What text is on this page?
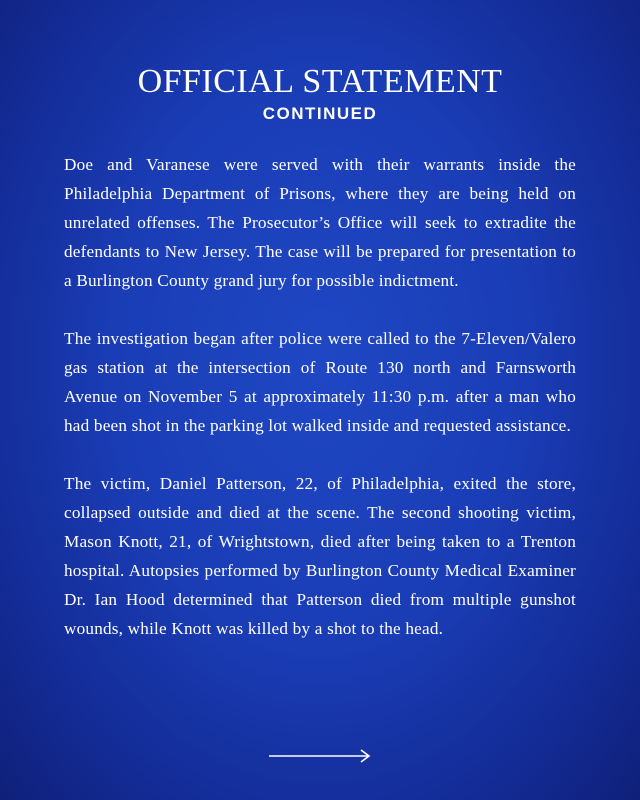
OFFICIAL STATEMENT
CONTINUED

Doe and Varanese were served with their warrants inside the Philadelphia Department of Prisons, where they are being held on unrelated offenses. The Prosecutor’s Office will seek to extradite the defendants to New Jersey. The case will be prepared for presentation to a Burlington County grand jury for possible indictment.

The investigation began after police were called to the 7-Eleven/Valero gas station at the intersection of Route 130 north and Farnsworth Avenue on November 5 at approximately 11:30 p.m. after a man who had been shot in the parking lot walked inside and requested assistance.

The victim, Daniel Patterson, 22, of Philadelphia, exited the store, collapsed outside and died at the scene. The second shooting victim, Mason Knott, 21, of Wrightstown, died after being taken to a Trenton hospital. Autopsies performed by Burlington County Medical Examiner Dr. Ian Hood determined that Patterson died from multiple gunshot wounds, while Knott was killed by a shot to the head.
